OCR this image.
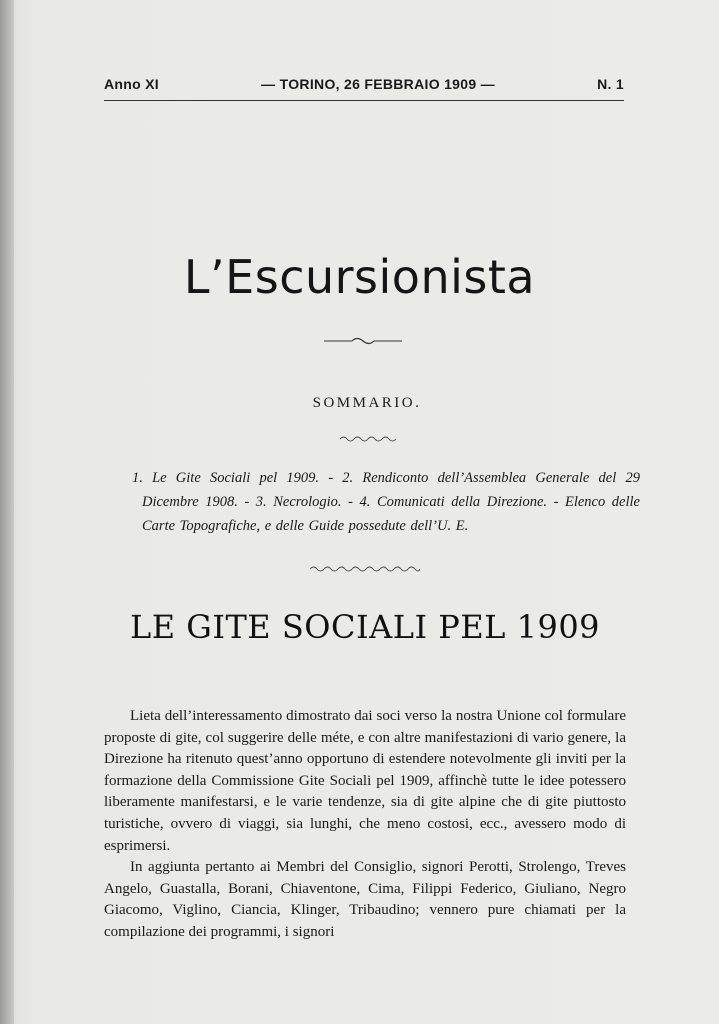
Anno XI	— TORINO, 26 FEBBRAIO 1909 —	N. 1
L’Escursionista
SOMMARIO.
1. Le Gite Sociali pel 1909. - 2. Rendiconto dell’Assemblea Generale del 29 Dicembre 1908. - 3. Necrologio. - 4. Comunicati della Direzione. - Elenco delle Carte Topografiche, e delle Guide possedute dell’U. E.
LE GITE SOCIALI PEL 1909

Lieta dell’interessamento dimostrato dai soci verso la nostra Unione col formulare proposte di gite, col suggerire delle méte, e con altre manifestazioni di vario genere, la Direzione ha ritenuto quest’anno opportuno di estendere notevolmente gli inviti per la formazione della Commissione Gite Sociali pel 1909, affinchè tutte le idee potessero liberamente manifestarsi, e le varie tendenze, sia di gite alpine che di gite piuttosto turistiche, ovvero di viaggi, sia lunghi, che meno costosi, ecc., avessero modo di esprimersi.

In aggiunta pertanto ai Membri del Consiglio, signori Perotti, Strolengo, Treves Angelo, Guastalla, Borani, Chiaventone, Cima, Filippi Federico, Giuliano, Negro Giacomo, Viglino, Ciancia, Klinger, Tribaudino; vennero pure chiamati per la compilazione dei programmi, i signori
